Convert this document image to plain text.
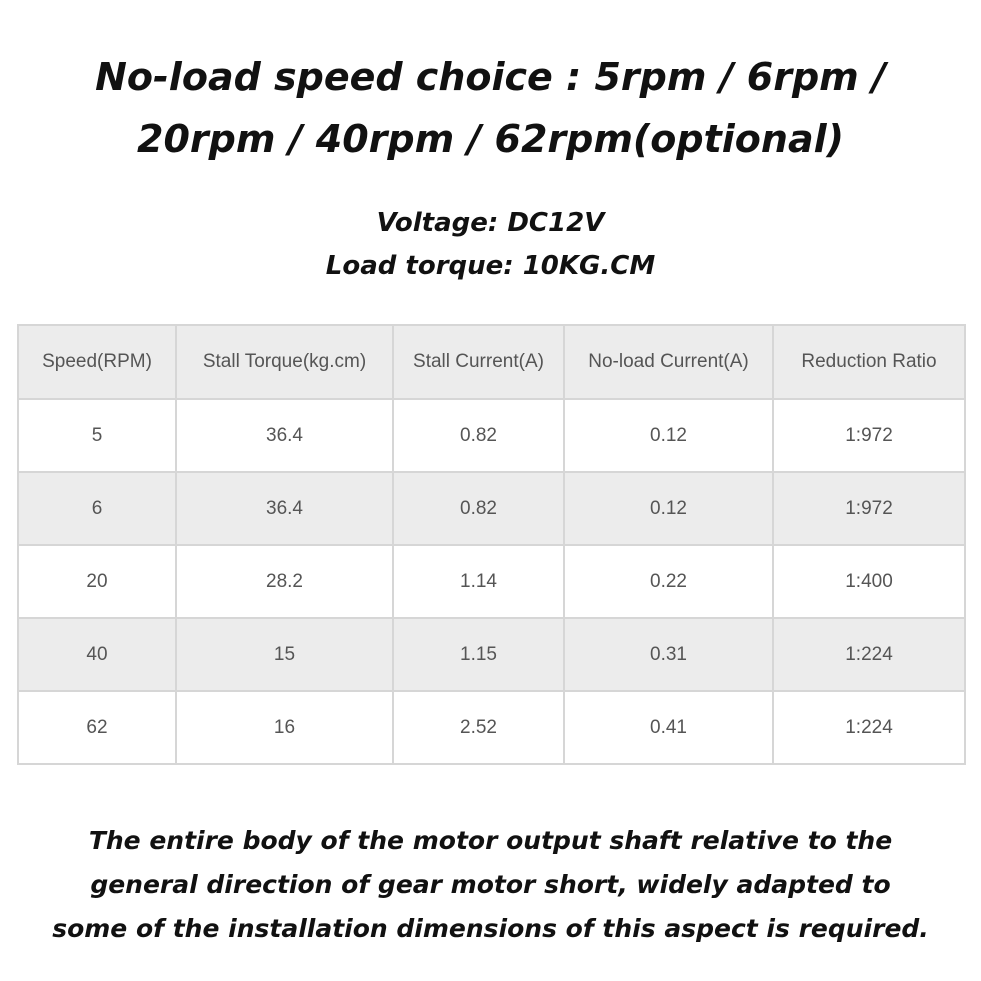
No-load speed choice : 5rpm / 6rpm /
20rpm / 40rpm / 62rpm(optional)
Voltage: DC12V
Load torque: 10KG.CM
Speed(RPM)	Stall Torque(kg.cm)	Stall Current(A)	No-load Current(A)	Reduction Ratio
5	36.4	0.82	0.12	1:972
6	36.4	0.82	0.12	1:972
20	28.2	1.14	0.22	1:400
40	15	1.15	0.31	1:224
62	16	2.52	0.41	1:224
The entire body of the motor output shaft relative to the
general direction of gear motor short, widely adapted to
some of the installation dimensions of this aspect is required.
